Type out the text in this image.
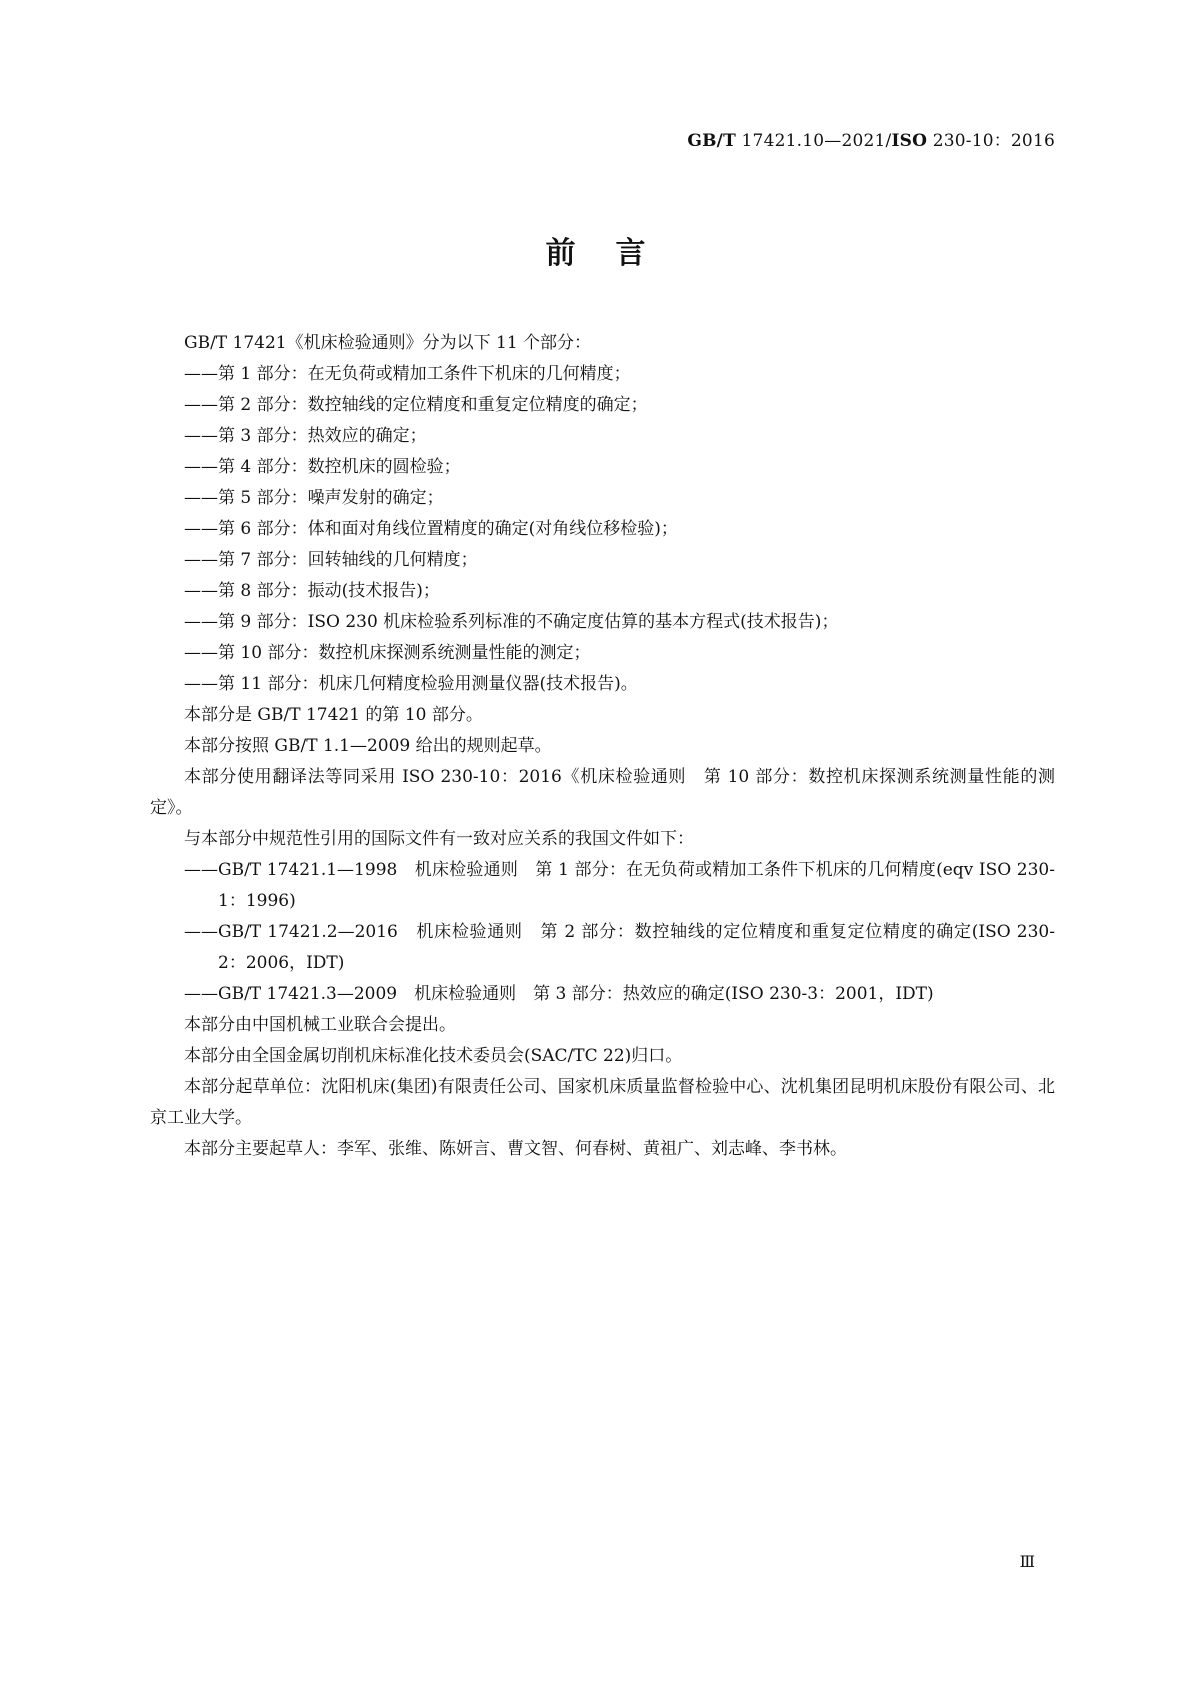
GB/T 17421.10—2021/ISO 230-10：2016
前言

GB/T 17421《机床检验通则》分为以下 11 个部分：

——第 1 部分：在无负荷或精加工条件下机床的几何精度；

——第 2 部分：数控轴线的定位精度和重复定位精度的确定；

——第 3 部分：热效应的确定；

——第 4 部分：数控机床的圆检验；

——第 5 部分：噪声发射的确定；

——第 6 部分：体和面对角线位置精度的确定(对角线位移检验)；

——第 7 部分：回转轴线的几何精度；

——第 8 部分：振动(技术报告)；

——第 9 部分：ISO 230 机床检验系列标准的不确定度估算的基本方程式(技术报告)；

——第 10 部分：数控机床探测系统测量性能的测定；

——第 11 部分：机床几何精度检验用测量仪器(技术报告)。

本部分是 GB/T 17421 的第 10 部分。

本部分按照 GB/T 1.1—2009 给出的规则起草。

本部分使用翻译法等同采用 ISO 230-10：2016《机床检验通则　第 10 部分：数控机床探测系统测量性能的测定》。

与本部分中规范性引用的国际文件有一致对应关系的我国文件如下：

——GB/T 17421.1—1998　机床检验通则　第 1 部分：在无负荷或精加工条件下机床的几何精度(eqv ISO 230-1：1996)

——GB/T 17421.2—2016　机床检验通则　第 2 部分：数控轴线的定位精度和重复定位精度的确定(ISO 230-2：2006，IDT)

——GB/T 17421.3—2009　机床检验通则　第 3 部分：热效应的确定(ISO 230-3：2001，IDT)

本部分由中国机械工业联合会提出。

本部分由全国金属切削机床标准化技术委员会(SAC/TC 22)归口。

本部分起草单位：沈阳机床(集团)有限责任公司、国家机床质量监督检验中心、沈机集团昆明机床股份有限公司、北京工业大学。

本部分主要起草人：李军、张维、陈妍言、曹文智、何春树、黄祖广、刘志峰、李书林。

Ⅲ
